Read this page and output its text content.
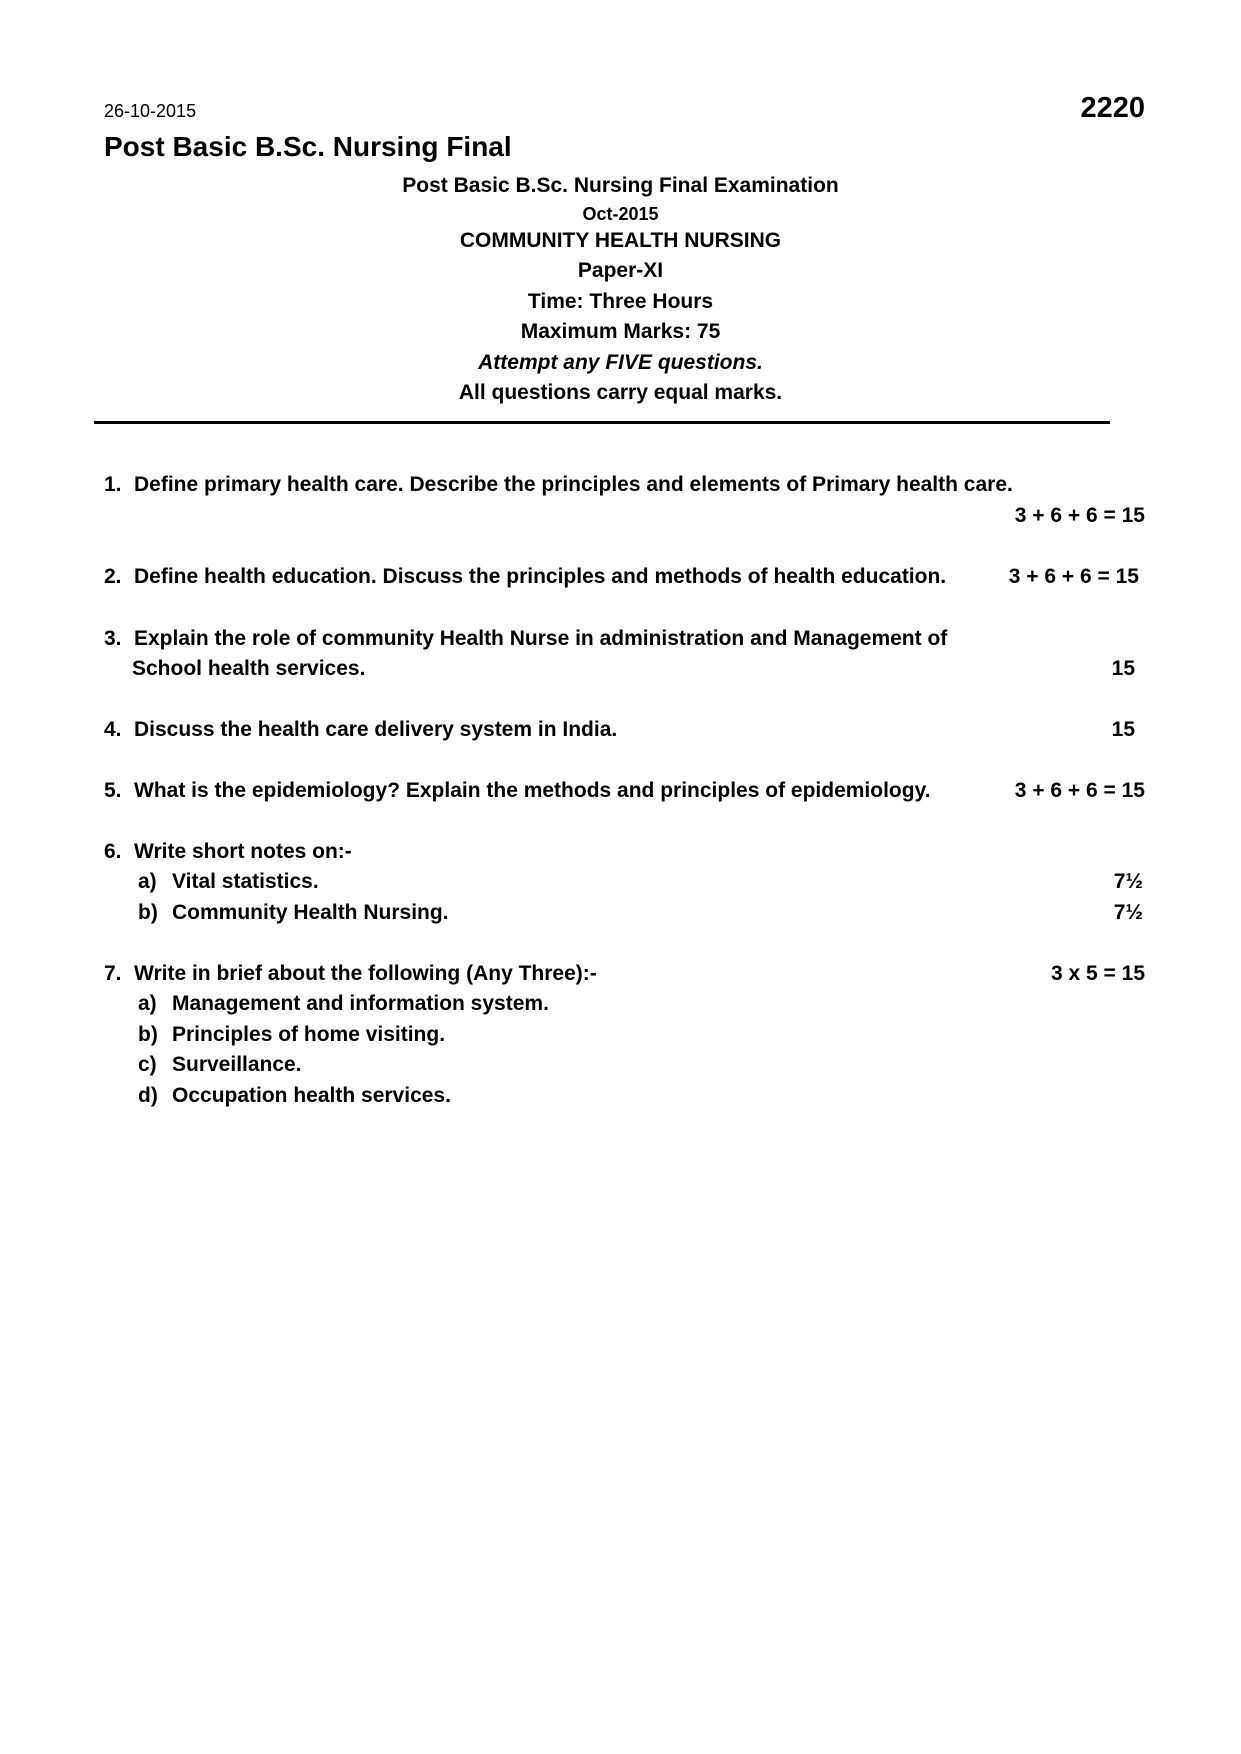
26-10-2015	2220
Post Basic B.Sc. Nursing Final
Post Basic B.Sc. Nursing Final Examination
Oct-2015
COMMUNITY HEALTH NURSING
Paper-XI
Time: Three Hours
Maximum Marks: 75
Attempt any FIVE questions.
All questions carry equal marks.
1. Define primary health care. Describe the principles and elements of Primary health care.
3 + 6 + 6 = 15
2. Define health education. Discuss the principles and methods of health education.	3 + 6 + 6 = 15
3. Explain the role of community Health Nurse in administration and Management of
School health services.	15
4. Discuss the health care delivery system in India.	15
5. What is the epidemiology? Explain the methods and principles of epidemiology.	3 + 6 + 6 = 15
6. Write short notes on:-
a) Vital statistics.	7½
b) Community Health Nursing.	7½
7. Write in brief about the following (Any Three):-	3 x 5 = 15
a) Management and information system.
b) Principles of home visiting.
c) Surveillance.
d) Occupation health services.
